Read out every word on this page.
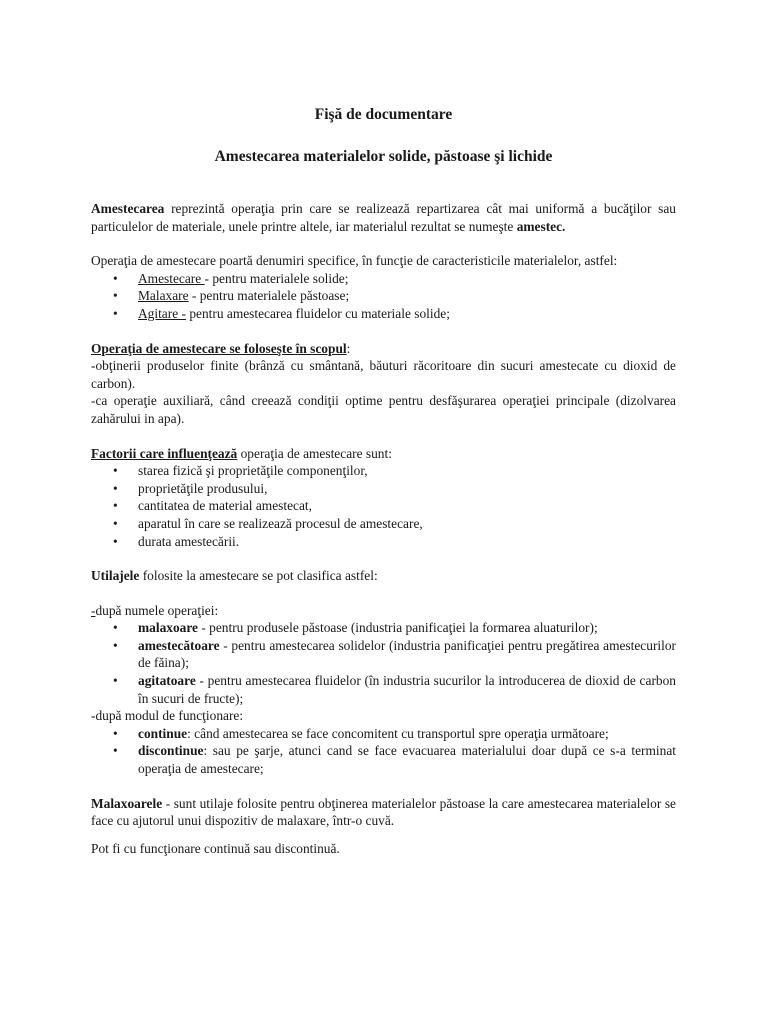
Fişă de documentare
Amestecarea materialelor solide, păstoase şi lichide

Amestecarea reprezintă operaţia prin care se realizează repartizarea cât mai uniformă a bucăţilor sau particulelor de materiale, unele printre altele, iar materialul rezultat se numeşte amestec.

Operaţia de amestecare poartă denumiri specifice, în funcţie de caracteristicile materialelor, astfel:

• Amestecare - pentru materialele solide;
• Malaxare - pentru materialele păstoase;
• Agitare - pentru amestecarea fluidelor cu materiale solide;

Operaţia de amestecare se foloseşte în scopul:

-obţinerii produselor finite (brânză cu smântană, băuturi răcoritoare din sucuri amestecate cu dioxid de carbon).

-ca operaţie auxiliară, când creează condiţii optime pentru desfăşurarea operaţiei principale (dizolvarea zahărului in apa).

Factorii care influenţează operaţia de amestecare sunt:

• starea fizică şi proprietăţile componenţilor,
• proprietăţile produsului,
• cantitatea de material amestecat,
• aparatul în care se realizează procesul de amestecare,
• durata amestecării.

Utilajele folosite la amestecare se pot clasifica astfel:

-după numele operaţiei:

• malaxoare - pentru produsele păstoase (industria panificaţiei la formarea aluaturilor);
• amestecătoare - pentru amestecarea solidelor (industria panificaţiei pentru pregătirea amestecurilor de făina);
• agitatoare - pentru amestecarea fluidelor (în industria sucurilor la introducerea de dioxid de carbon în sucuri de fructe);

-după modul de funcţionare:

• continue: când amestecarea se face concomitent cu transportul spre operaţia următoare;
• discontinue: sau pe şarje, atunci cand se face evacuarea materialului doar după ce s-a terminat operaţia de amestecare;

Malaxoarele - sunt utilaje folosite pentru obţinerea materialelor păstoase la care amestecarea materialelor se face cu ajutorul unui dispozitiv de malaxare, într-o cuvă.

Pot fi cu funcţionare continuă sau discontinuă.
